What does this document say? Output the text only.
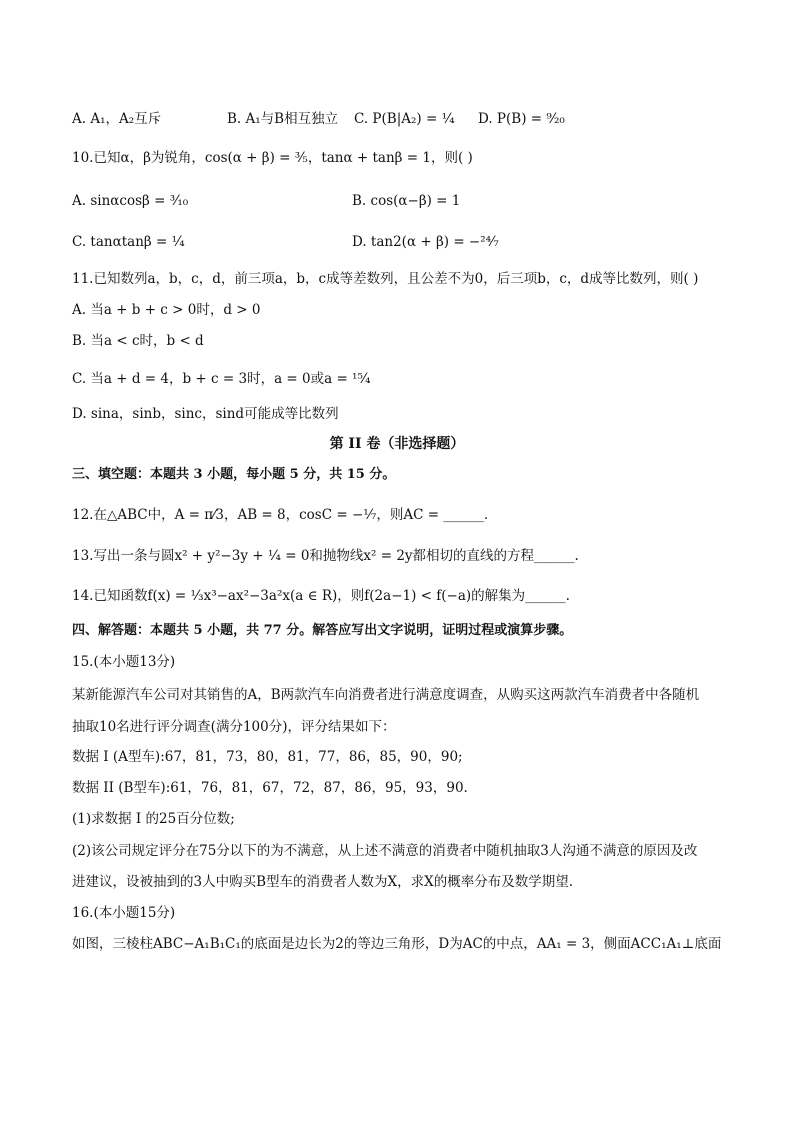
A. A₁，A₂互斥	B. A₁与B相互独立 C. P(B|A₂) = ¹⁄₄ D. P(B) = ⁹⁄₂₀
10.已知α，β为锐角，cos(α + β) = ³⁄₅，tanα + tanβ = 1，则( )
A. sinαcosβ = ³⁄₁₀	B. cos(α−β) = 1
C. tanαtanβ = ¹⁄₄	D. tan2(α + β) = −²⁴⁄₇
11.已知数列a，b，c，d，前三项a，b，c成等差数列，且公差不为0，后三项b，c，d成等比数列，则( )
A. 当a + b + c > 0时，d > 0
B. 当a < c时，b < d
C. 当a + d = 4，b + c = 3时，a = 0或a = ¹⁵⁄₄
D. sina，sinb，sinc，sind可能成等比数列
第 II 卷（非选择题）
三、填空题：本题共 3 小题，每小题 5 分，共 15 分。
12.在△ABC中，A = π⁄3，AB = 8，cosC = −¹⁄₇，则AC = ______.
13.写出一条与圆x² + y²−3y + ¹⁄₄ = 0和抛物线x² = 2y都相切的直线的方程______.
14.已知函数f(x) = ¹⁄₃x³−ax²−3a²x(a ∈ R)，则f(2a−1) < f(−a)的解集为______.
四、解答题：本题共 5 小题，共 77 分。解答应写出文字说明，证明过程或演算步骤。
15.(本小题13分)
某新能源汽车公司对其销售的A，B两款汽车向消费者进行满意度调查，从购买这两款汽车消费者中各随机
抽取10名进行评分调查(满分100分)，评分结果如下：
数据 I (A型车):67，81，73，80，81，77，86，85，90，90;
数据 II (B型车):61，76，81，67，72，87，86，95，93，90.
(1)求数据 I 的25百分位数;
(2)该公司规定评分在75分以下的为不满意，从上述不满意的消费者中随机抽取3人沟通不满意的原因及改
进建议，设被抽到的3人中购买B型车的消费者人数为X，求X的概率分布及数学期望.
16.(本小题15分)
如图，三棱柱ABC−A₁B₁C₁的底面是边长为2的等边三角形，D为AC的中点，AA₁ = 3，侧面ACC₁A₁⊥底面
